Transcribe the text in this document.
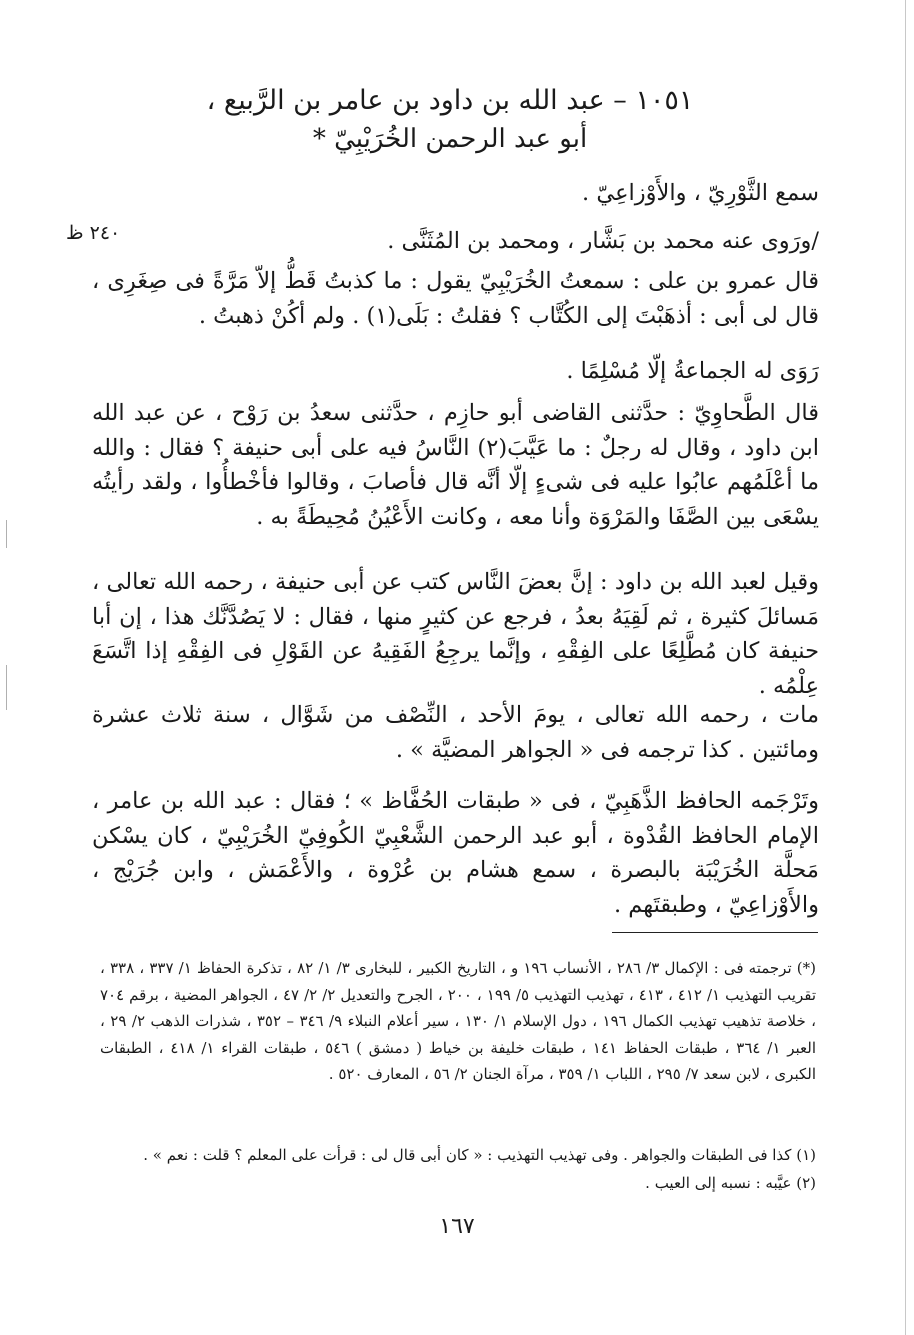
١٠٥١ – عبد الله بن داود بن عامر بن الرَّبيع ،
أبو عبد الرحمن الخُرَيْبِيّ *
٢٤٠ ظ
سمع الثَّوْرِيّ ، والأَوْزاعِيّ .
/ورَوى عنه محمد بن بَشَّار ، ومحمد بن المُثَنَّى .
قال عمرو بن على : سمعتُ الخُرَيْبِيّ يقول : ما كذبتُ قَطُّ إلاّ مَرَّةً فى صِغَرِى ، قال لى أبى : أذهَبْتَ إلى الكُتَّاب ؟ فقلتُ : بَلَى(١) . ولم أكُنْ ذهبتُ .
رَوَى له الجماعةُ إلّا مُسْلِمًا .
قال الطَّحاوِيّ : حدَّثنى القاضى أبو حازِم ، حدَّثنى سعدُ بن رَوْح ، عن عبد الله ابن داود ، وقال له رجلٌ : ما عَيَّبَ(٢) النَّاسُ فيه على أبى حنيفة ؟ فقال : والله ما أعْلَمُهم عابُوا عليه فى شىءٍ إلّا أنَّه قال فأصابَ ، وقالوا فأخْطأُوا ، ولقد رأيتُه يسْعَى بين الصَّفَا والمَرْوَة وأنا معه ، وكانت الأَعْيُنُ مُحِيطَةً به .
وقيل لعبد الله بن داود : إنَّ بعضَ النَّاس كتب عن أبى حنيفة ، رحمه الله تعالى ، مَسائلَ كثيرة ، ثم لَقِيَهُ بعدُ ، فرجع عن كثيرٍ منها ، فقال : لا يَصُدَّنَّك هذا ، إن أبا حنيفة كان مُطَّلِعًا على الفِقْهِ ، وإنَّما يرجِعُ الفَقِيهُ عن القَوْلِ فى الفِقْهِ إذا اتَّسَعَ عِلْمُه .
مات ، رحمه الله تعالى ، يومَ الأحد ، النِّصْف من شَوَّال ، سنة ثلاث عشرة ومائتين . كذا ترجمه فى « الجواهر المضيَّة » .
وتَرْجَمه الحافظ الذَّهَبِيّ ، فى « طبقات الحُفَّاظ » ؛ فقال : عبد الله بن عامر ، الإمام الحافظ القُدْوة ، أبو عبد الرحمن الشَّعْبِيّ الكُوفِيّ الخُرَيْبِيّ ، كان يسْكن مَحلَّة الخُرَيْبَة بالبصرة ، سمع هشام بن عُرْوة ، والأَعْمَش ، وابن جُرَيْج ، والأَوْزاعِيّ ، وطبقتَهم .
(*) ترجمته فى : الإكمال ٣/ ٢٨٦ ، الأنساب ١٩٦ و ، التاريخ الكبير ، للبخارى ٣/ ١/ ٨٢ ، تذكرة الحفاظ ١/ ٣٣٧ ، ٣٣٨ ، تقريب التهذيب ١/ ٤١٢ ، ٤١٣ ، تهذيب التهذيب ٥/ ١٩٩ ، ٢٠٠ ، الجرح والتعديل ٢/ ٢/ ٤٧ ، الجواهر المضية ، برقم ٧٠٤ ، خلاصة تذهيب تهذيب الكمال ١٩٦ ، دول الإسلام ١/ ١٣٠ ، سير أعلام النبلاء ٩/ ٣٤٦ – ٣٥٢ ، شذرات الذهب ٢/ ٢٩ ، العبر ١/ ٣٦٤ ، طبقات الحفاظ ١٤١ ، طبقات خليفة بن خياط ( دمشق ) ٥٤٦ ، طبقات القراء ١/ ٤١٨ ، الطبقات الكبرى ، لابن سعد ٧/ ٢٩٥ ، اللباب ١/ ٣٥٩ ، مرآة الجنان ٢/ ٥٦ ، المعارف ٥٢٠ .
(١) كذا فى الطبقات والجواهر . وفى تهذيب التهذيب : « كان أبى قال لى : قرأت على المعلم ؟ قلت : نعم » .
(٢) عيَّبه : نسبه إلى العيب .
١٦٧
